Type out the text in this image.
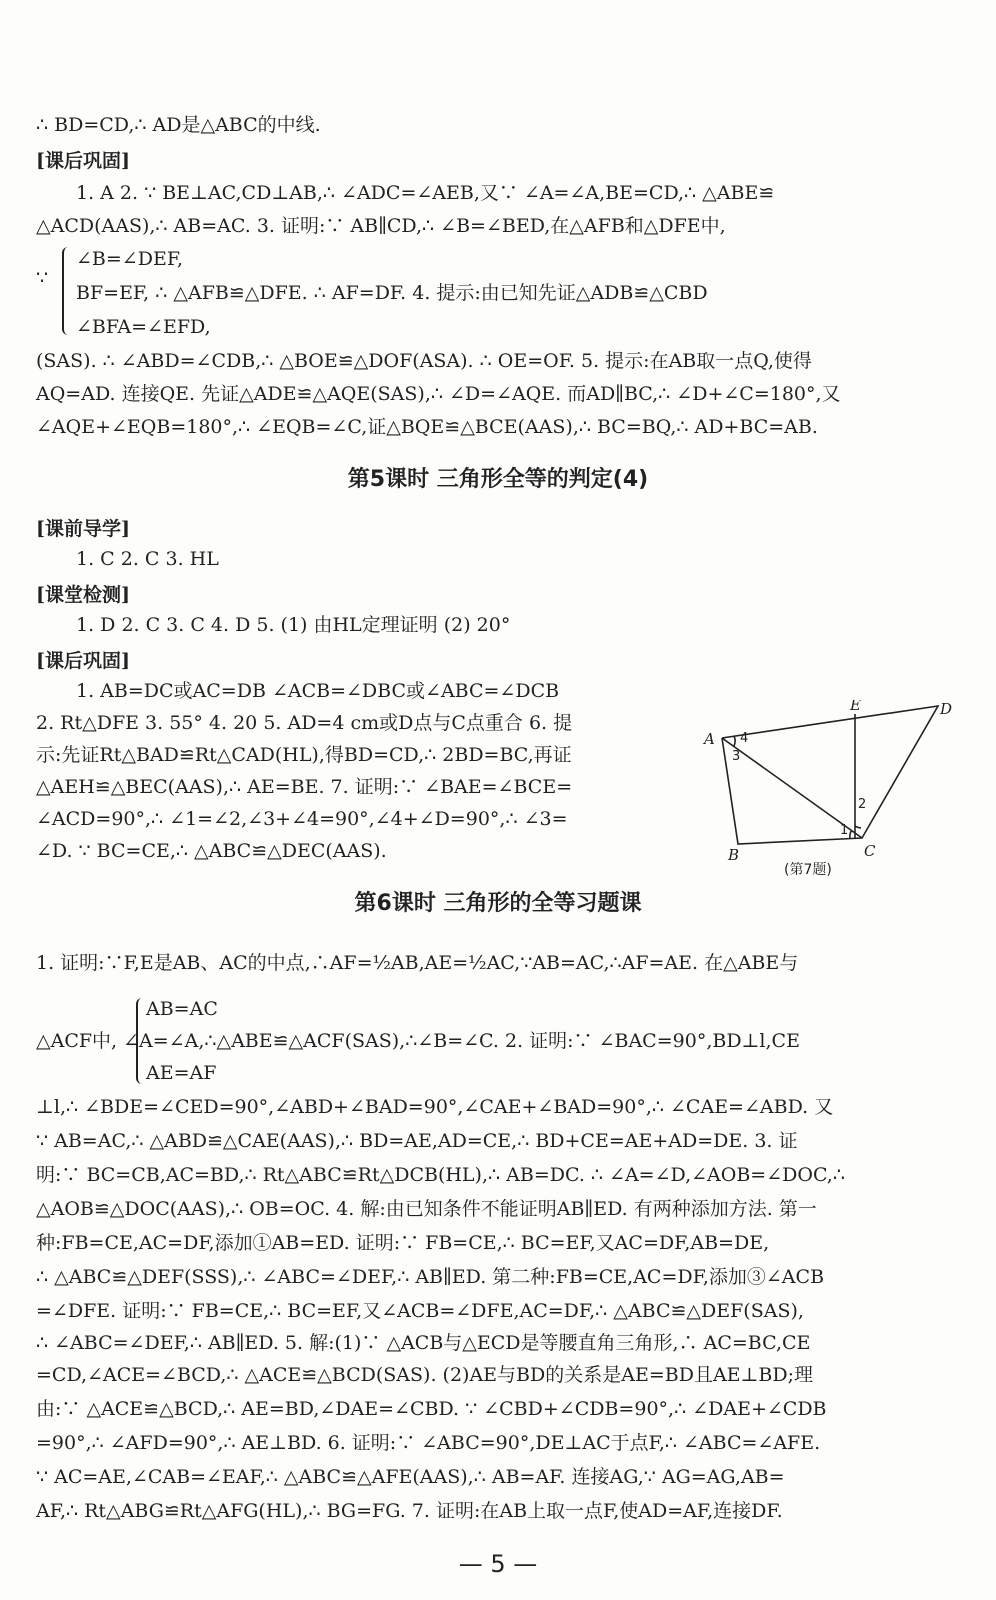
∴ BD=CD,∴ AD是△ABC的中线.
[课后巩固]
1. A 2. ∵ BE⊥AC,CD⊥AB,∴ ∠ADC=∠AEB,又∵ ∠A=∠A,BE=CD,∴ △ABE≌
△ACD(AAS),∴ AB=AC. 3. 证明:∵ AB∥CD,∴ ∠B=∠BED,在△AFB和△DFE中,
∵
∠B=∠DEF,
BF=EF, ∴ △AFB≌△DFE. ∴ AF=DF. 4. 提示:由已知先证△ADB≌△CBD
∠BFA=∠EFD,
(SAS). ∴ ∠ABD=∠CDB,∴ △BOE≌△DOF(ASA). ∴ OE=OF. 5. 提示:在AB取一点Q,使得
AQ=AD. 连接QE. 先证△ADE≌△AQE(SAS),∴ ∠D=∠AQE. 而AD∥BC,∴ ∠D+∠C=180°,又
∠AQE+∠EQB=180°,∴ ∠EQB=∠C,证△BQE≌△BCE(AAS),∴ BC=BQ,∴ AD+BC=AB.
第5课时 三角形全等的判定(4)
[课前导学]
1. C 2. C 3. HL
[课堂检测]
1. D 2. C 3. C 4. D 5. (1) 由HL定理证明 (2) 20°
[课后巩固]
1. AB=DC或AC=DB ∠ACB=∠DBC或∠ABC=∠DCB
2. Rt△DFE 3. 55° 4. 20 5. AD=4 cm或D点与C点重合 6. 提
示:先证Rt△BAD≌Rt△CAD(HL),得BD=CD,∴ 2BD=BC,再证
△AEH≌△BEC(AAS),∴ AE=BE. 7. 证明:∵ ∠BAE=∠BCE=
∠ACD=90°,∴ ∠1=∠2,∠3+∠4=90°,∠4+∠D=90°,∴ ∠3=
∠D. ∵ BC=CE,∴ △ABC≌△DEC(AAS).
A
B	C
D
E
1
2
3
4
(第7题)
第6课时 三角形的全等习题课
1. 证明:∵F,E是AB、AC的中点,∴AF=½AB,AE=½AC,∵AB=AC,∴AF=AE. 在△ABE与
AB=AC
△ACF中, ∠A=∠A,∴△ABE≌△ACF(SAS),∴∠B=∠C. 2. 证明:∵ ∠BAC=90°,BD⊥l,CE
AE=AF
⊥l,∴ ∠BDE=∠CED=90°,∠ABD+∠BAD=90°,∠CAE+∠BAD=90°,∴ ∠CAE=∠ABD. 又
∵ AB=AC,∴ △ABD≌△CAE(AAS),∴ BD=AE,AD=CE,∴ BD+CE=AE+AD=DE. 3. 证
明:∵ BC=CB,AC=BD,∴ Rt△ABC≌Rt△DCB(HL),∴ AB=DC. ∴ ∠A=∠D,∠AOB=∠DOC,∴
△AOB≌△DOC(AAS),∴ OB=OC. 4. 解:由已知条件不能证明AB∥ED. 有两种添加方法. 第一
种:FB=CE,AC=DF,添加①AB=ED. 证明:∵ FB=CE,∴ BC=EF,又AC=DF,AB=DE,
∴ △ABC≌△DEF(SSS),∴ ∠ABC=∠DEF,∴ AB∥ED. 第二种:FB=CE,AC=DF,添加③∠ACB
=∠DFE. 证明:∵ FB=CE,∴ BC=EF,又∠ACB=∠DFE,AC=DF,∴ △ABC≌△DEF(SAS),
∴ ∠ABC=∠DEF,∴ AB∥ED. 5. 解:(1)∵ △ACB与△ECD是等腰直角三角形,∴ AC=BC,CE
=CD,∠ACE=∠BCD,∴ △ACE≌△BCD(SAS). (2)AE与BD的关系是AE=BD且AE⊥BD;理
由:∵ △ACE≌△BCD,∴ AE=BD,∠DAE=∠CBD. ∵ ∠CBD+∠CDB=90°,∴ ∠DAE+∠CDB
=90°,∴ ∠AFD=90°,∴ AE⊥BD. 6. 证明:∵ ∠ABC=90°,DE⊥AC于点F,∴ ∠ABC=∠AFE.
∵ AC=AE,∠CAB=∠EAF,∴ △ABC≌△AFE(AAS),∴ AB=AF. 连接AG,∵ AG=AG,AB=
AF,∴ Rt△ABG≌Rt△AFG(HL),∴ BG=FG. 7. 证明:在AB上取一点F,使AD=AF,连接DF.
— 5 —
